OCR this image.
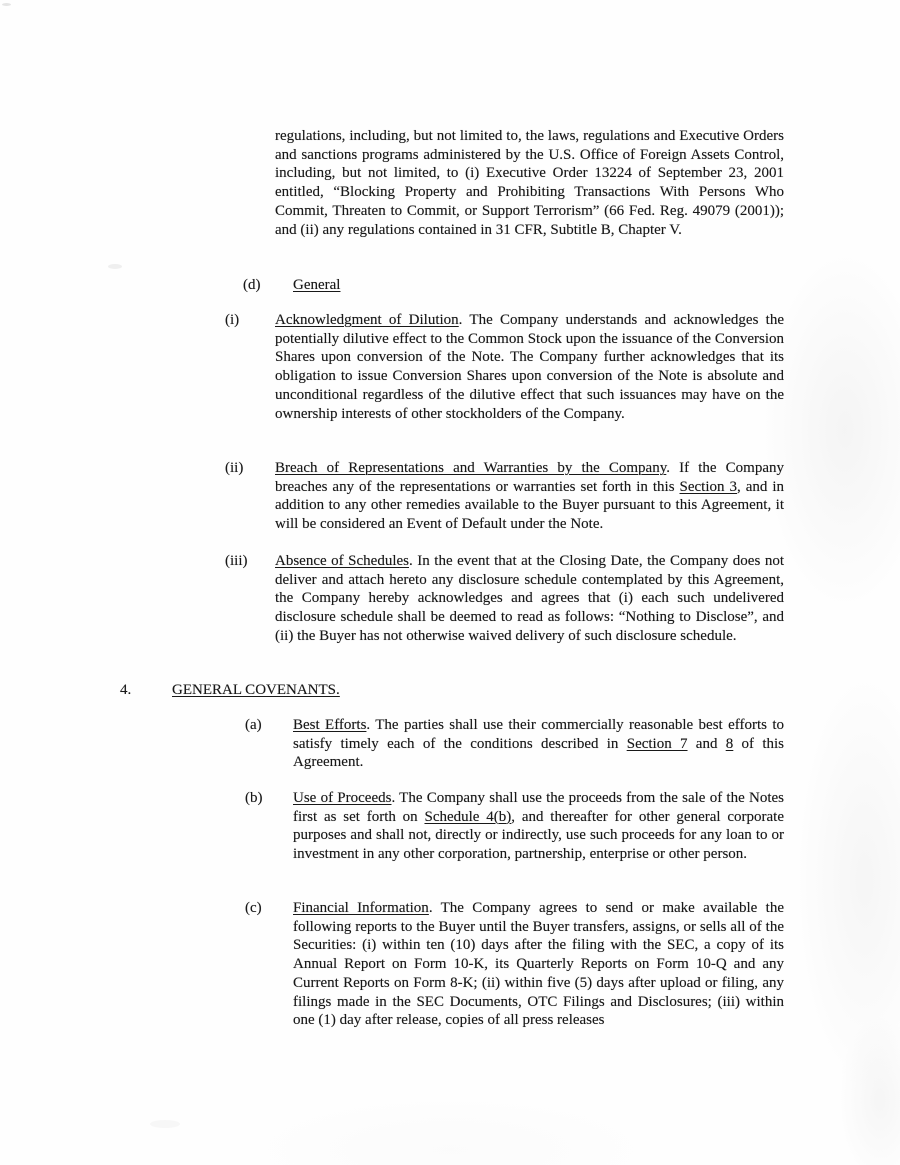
regulations, including, but not limited to, the laws, regulations and Executive Orders and sanctions programs administered by the U.S. Office of Foreign Assets Control, including, but not limited, to (i) Executive Order 13224 of September 23, 2001 entitled, “Blocking Property and Prohibiting Transactions With Persons Who Commit, Threaten to Commit, or Support Terrorism” (66 Fed. Reg. 49079 (2001)); and (ii) any regulations contained in 31 CFR, Subtitle B, Chapter V.
(d) General
(i) Acknowledgment of Dilution. The Company understands and acknowledges the potentially dilutive effect to the Common Stock upon the issuance of the Conversion Shares upon conversion of the Note. The Company further acknowledges that its obligation to issue Conversion Shares upon conversion of the Note is absolute and unconditional regardless of the dilutive effect that such issuances may have on the ownership interests of other stockholders of the Company.
(ii) Breach of Representations and Warranties by the Company. If the Company breaches any of the representations or warranties set forth in this Section 3, and in addition to any other remedies available to the Buyer pursuant to this Agreement, it will be considered an Event of Default under the Note.
(iii) Absence of Schedules. In the event that at the Closing Date, the Company does not deliver and attach hereto any disclosure schedule contemplated by this Agreement, the Company hereby acknowledges and agrees that (i) each such undelivered disclosure schedule shall be deemed to read as follows: “Nothing to Disclose”, and (ii) the Buyer has not otherwise waived delivery of such disclosure schedule.
4.	GENERAL COVENANTS.
(a) Best Efforts. The parties shall use their commercially reasonable best efforts to satisfy timely each of the conditions described in Section 7 and 8 of this Agreement.
(b) Use of Proceeds. The Company shall use the proceeds from the sale of the Notes first as set forth on Schedule 4(b), and thereafter for other general corporate purposes and shall not, directly or indirectly, use such proceeds for any loan to or investment in any other corporation, partnership, enterprise or other person.
(c) Financial Information. The Company agrees to send or make available the following reports to the Buyer until the Buyer transfers, assigns, or sells all of the Securities: (i) within ten (10) days after the filing with the SEC, a copy of its Annual Report on Form 10-K, its Quarterly Reports on Form 10-Q and any Current Reports on Form 8-K; (ii) within five (5) days after upload or filing, any filings made in the SEC Documents, OTC Filings and Disclosures; (iii) within one (1) day after release, copies of all press releases
